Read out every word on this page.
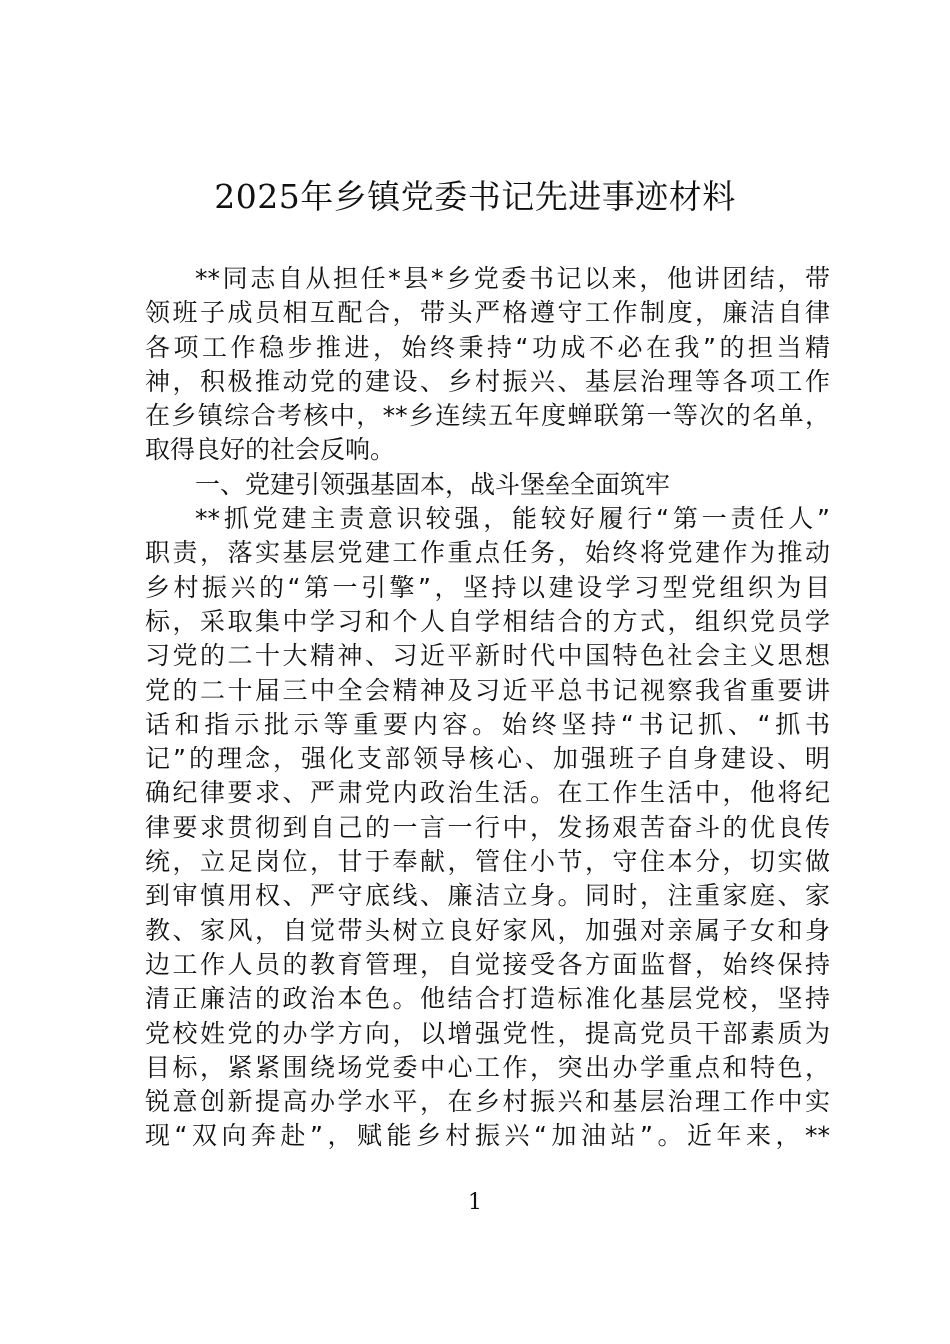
2025年乡镇党委书记先进事迹材料
**同志自从担任*县*乡党委书记以来，他讲团结，带
领班子成员相互配合，带头严格遵守工作制度，廉洁自律
各项工作稳步推进，始终秉持“功成不必在我”的担当精
神，积极推动党的建设、乡村振兴、基层治理等各项工作
在乡镇综合考核中，**乡连续五年度蝉联第一等次的名单，
取得良好的社会反响。
一、党建引领强基固本，战斗堡垒全面筑牢
**抓党建主责意识较强，能较好履行“第一责任人”
职责，落实基层党建工作重点任务，始终将党建作为推动
乡村振兴的“第一引擎”，坚持以建设学习型党组织为目
标，采取集中学习和个人自学相结合的方式，组织党员学
习党的二十大精神、习近平新时代中国特色社会主义思想
党的二十届三中全会精神及习近平总书记视察我省重要讲
话和指示批示等重要内容。始终坚持“书记抓、“抓书
记”的理念，强化支部领导核心、加强班子自身建设、明
确纪律要求、严肃党内政治生活。在工作生活中，他将纪
律要求贯彻到自己的一言一行中，发扬艰苦奋斗的优良传
统，立足岗位，甘于奉献，管住小节，守住本分，切实做
到审慎用权、严守底线、廉洁立身。同时，注重家庭、家
教、家风，自觉带头树立良好家风，加强对亲属子女和身
边工作人员的教育管理，自觉接受各方面监督，始终保持
清正廉洁的政治本色。他结合打造标准化基层党校，坚持
党校姓党的办学方向，以增强党性，提高党员干部素质为
目标，紧紧围绕场党委中心工作，突出办学重点和特色，
锐意创新提高办学水平，在乡村振兴和基层治理工作中实
现“双向奔赴”，赋能乡村振兴“加油站”。近年来，**
1
